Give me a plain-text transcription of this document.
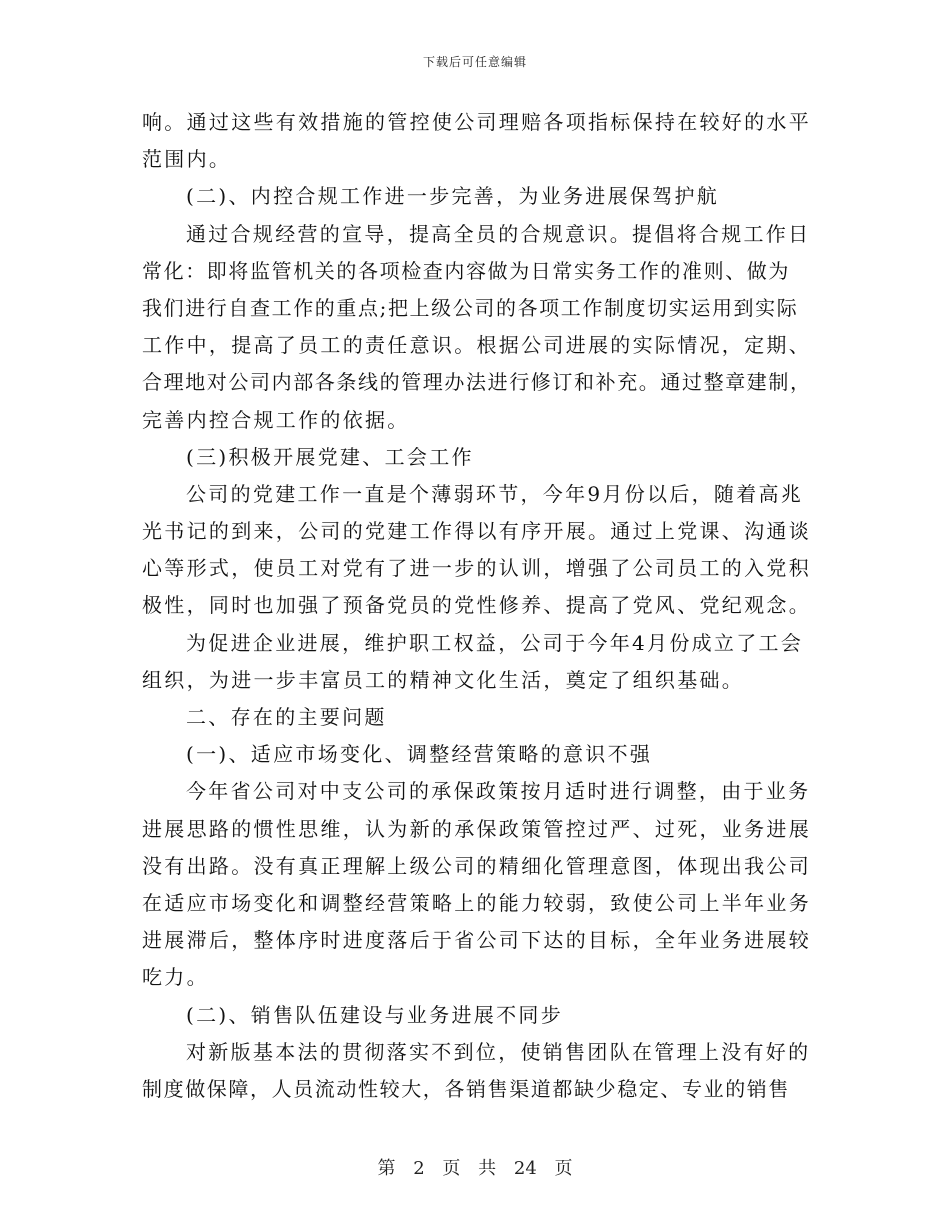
下载后可任意编辑
响。通过这些有效措施的管控使公司理赔各项指标保持在较好的水平
范围内。
(二)、内控合规工作进一步完善，为业务进展保驾护航
通过合规经营的宣导，提高全员的合规意识。提倡将合规工作日
常化：即将监管机关的各项检查内容做为日常实务工作的准则、做为
我们进行自查工作的重点;把上级公司的各项工作制度切实运用到实际
工作中，提高了员工的责任意识。根据公司进展的实际情况，定期、
合理地对公司内部各条线的管理办法进行修订和补充。通过整章建制，
完善内控合规工作的依据。
(三)积极开展党建、工会工作
公司的党建工作一直是个薄弱环节，今年9月份以后，随着高兆
光书记的到来，公司的党建工作得以有序开展。通过上党课、沟通谈
心等形式，使员工对党有了进一步的认训，增强了公司员工的入党积
极性，同时也加强了预备党员的党性修养、提高了党风、党纪观念。
为促进企业进展，维护职工权益，公司于今年4月份成立了工会
组织，为进一步丰富员工的精神文化生活，奠定了组织基础。
二、存在的主要问题
(一)、适应市场变化、调整经营策略的意识不强
今年省公司对中支公司的承保政策按月适时进行调整，由于业务
进展思路的惯性思维，认为新的承保政策管控过严、过死，业务进展
没有出路。没有真正理解上级公司的精细化管理意图，体现出我公司
在适应市场变化和调整经营策略上的能力较弱，致使公司上半年业务
进展滞后，整体序时进度落后于省公司下达的目标，全年业务进展较
吃力。
(二)、销售队伍建设与业务进展不同步
对新版基本法的贯彻落实不到位，使销售团队在管理上没有好的
制度做保障，人员流动性较大，各销售渠道都缺少稳定、专业的销售
第 2 页 共 24 页
